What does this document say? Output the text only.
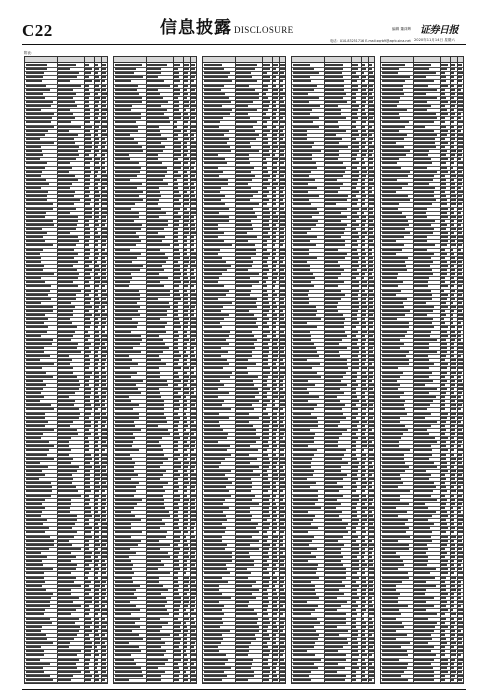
C22	信息披露 DISCLOSURE	编辑 董泽辉 证券日报
电话：010-83251716 E-mail:zqrb9@zqrb.sina.net 2020年11月14日 星期六
附表：
